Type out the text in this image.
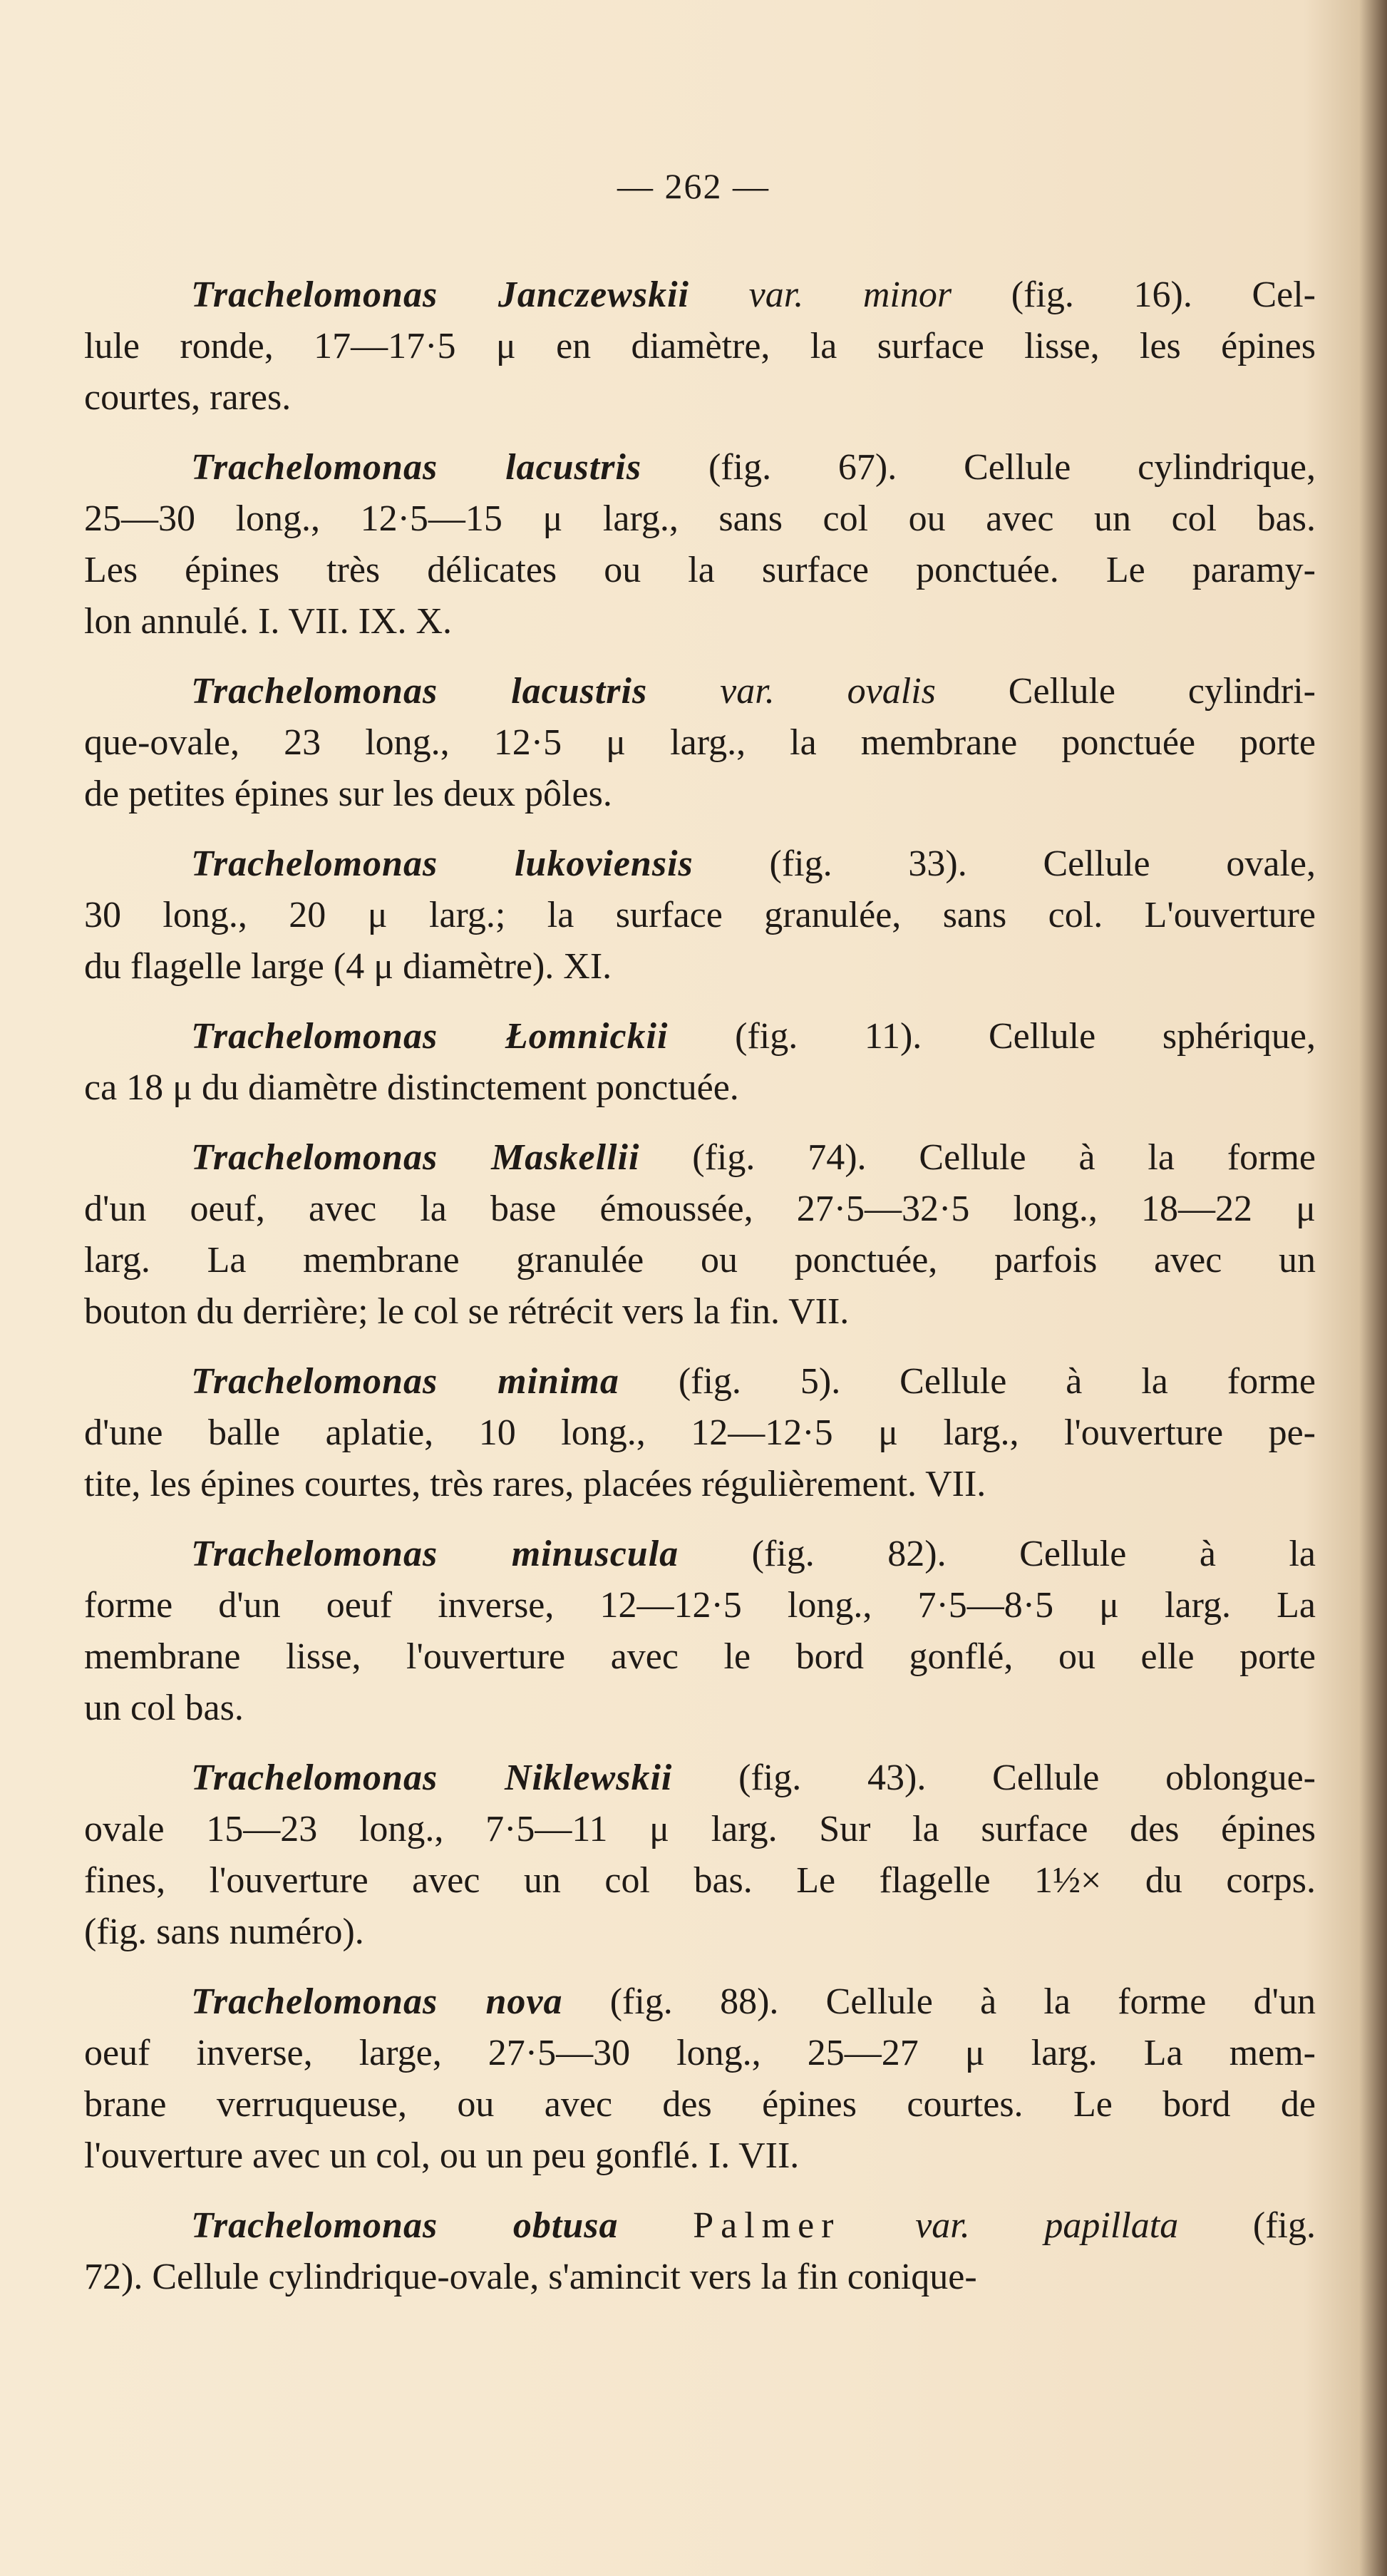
— 262 —
Trachelomonas Janczewskii var. minor (fig. 16). Cel-
lule ronde, 17—17·5 μ en diamètre, la surface lisse, les épines
courtes, rares.
Trachelomonas lacustris (fig. 67). Cellule cylindrique,
25—30 long., 12·5—15 μ larg., sans col ou avec un col bas.
Les épines très délicates ou la surface ponctuée. Le paramy-
lon annulé. I. VII. IX. X.
Trachelomonas lacustris var. ovalis Cellule cylindri-
que-ovale, 23 long., 12·5 μ larg., la membrane ponctuée porte
de petites épines sur les deux pôles.
Trachelomonas lukoviensis (fig. 33). Cellule ovale,
30 long., 20 μ larg.; la surface granulée, sans col. L'ouverture
du flagelle large (4 μ diamètre). XI.
Trachelomonas Łomnickii (fig. 11). Cellule sphérique,
ca 18 μ du diamètre distinctement ponctuée.
Trachelomonas Maskellii (fig. 74). Cellule à la forme
d'un oeuf, avec la base émoussée, 27·5—32·5 long., 18—22 μ
larg. La membrane granulée ou ponctuée, parfois avec un
bouton du derrière; le col se rétrécit vers la fin. VII.
Trachelomonas minima (fig. 5). Cellule à la forme
d'une balle aplatie, 10 long., 12—12·5 μ larg., l'ouverture pe-
tite, les épines courtes, très rares, placées régulièrement. VII.
Trachelomonas minuscula (fig. 82). Cellule à la
forme d'un oeuf inverse, 12—12·5 long., 7·5—8·5 μ larg. La
membrane lisse, l'ouverture avec le bord gonflé, ou elle porte
un col bas.
Trachelomonas Niklewskii (fig. 43). Cellule oblongue-
ovale 15—23 long., 7·5—11 μ larg. Sur la surface des épines
fines, l'ouverture avec un col bas. Le flagelle 1½× du corps.
(fig. sans numéro).
Trachelomonas nova (fig. 88). Cellule à la forme d'un
oeuf inverse, large, 27·5—30 long., 25—27 μ larg. La mem-
brane verruqueuse, ou avec des épines courtes. Le bord de
l'ouverture avec un col, ou un peu gonflé. I. VII.
Trachelomonas obtusa Palmer var. papillata (fig.
72). Cellule cylindrique-ovale, s'amincit vers la fin conique-
